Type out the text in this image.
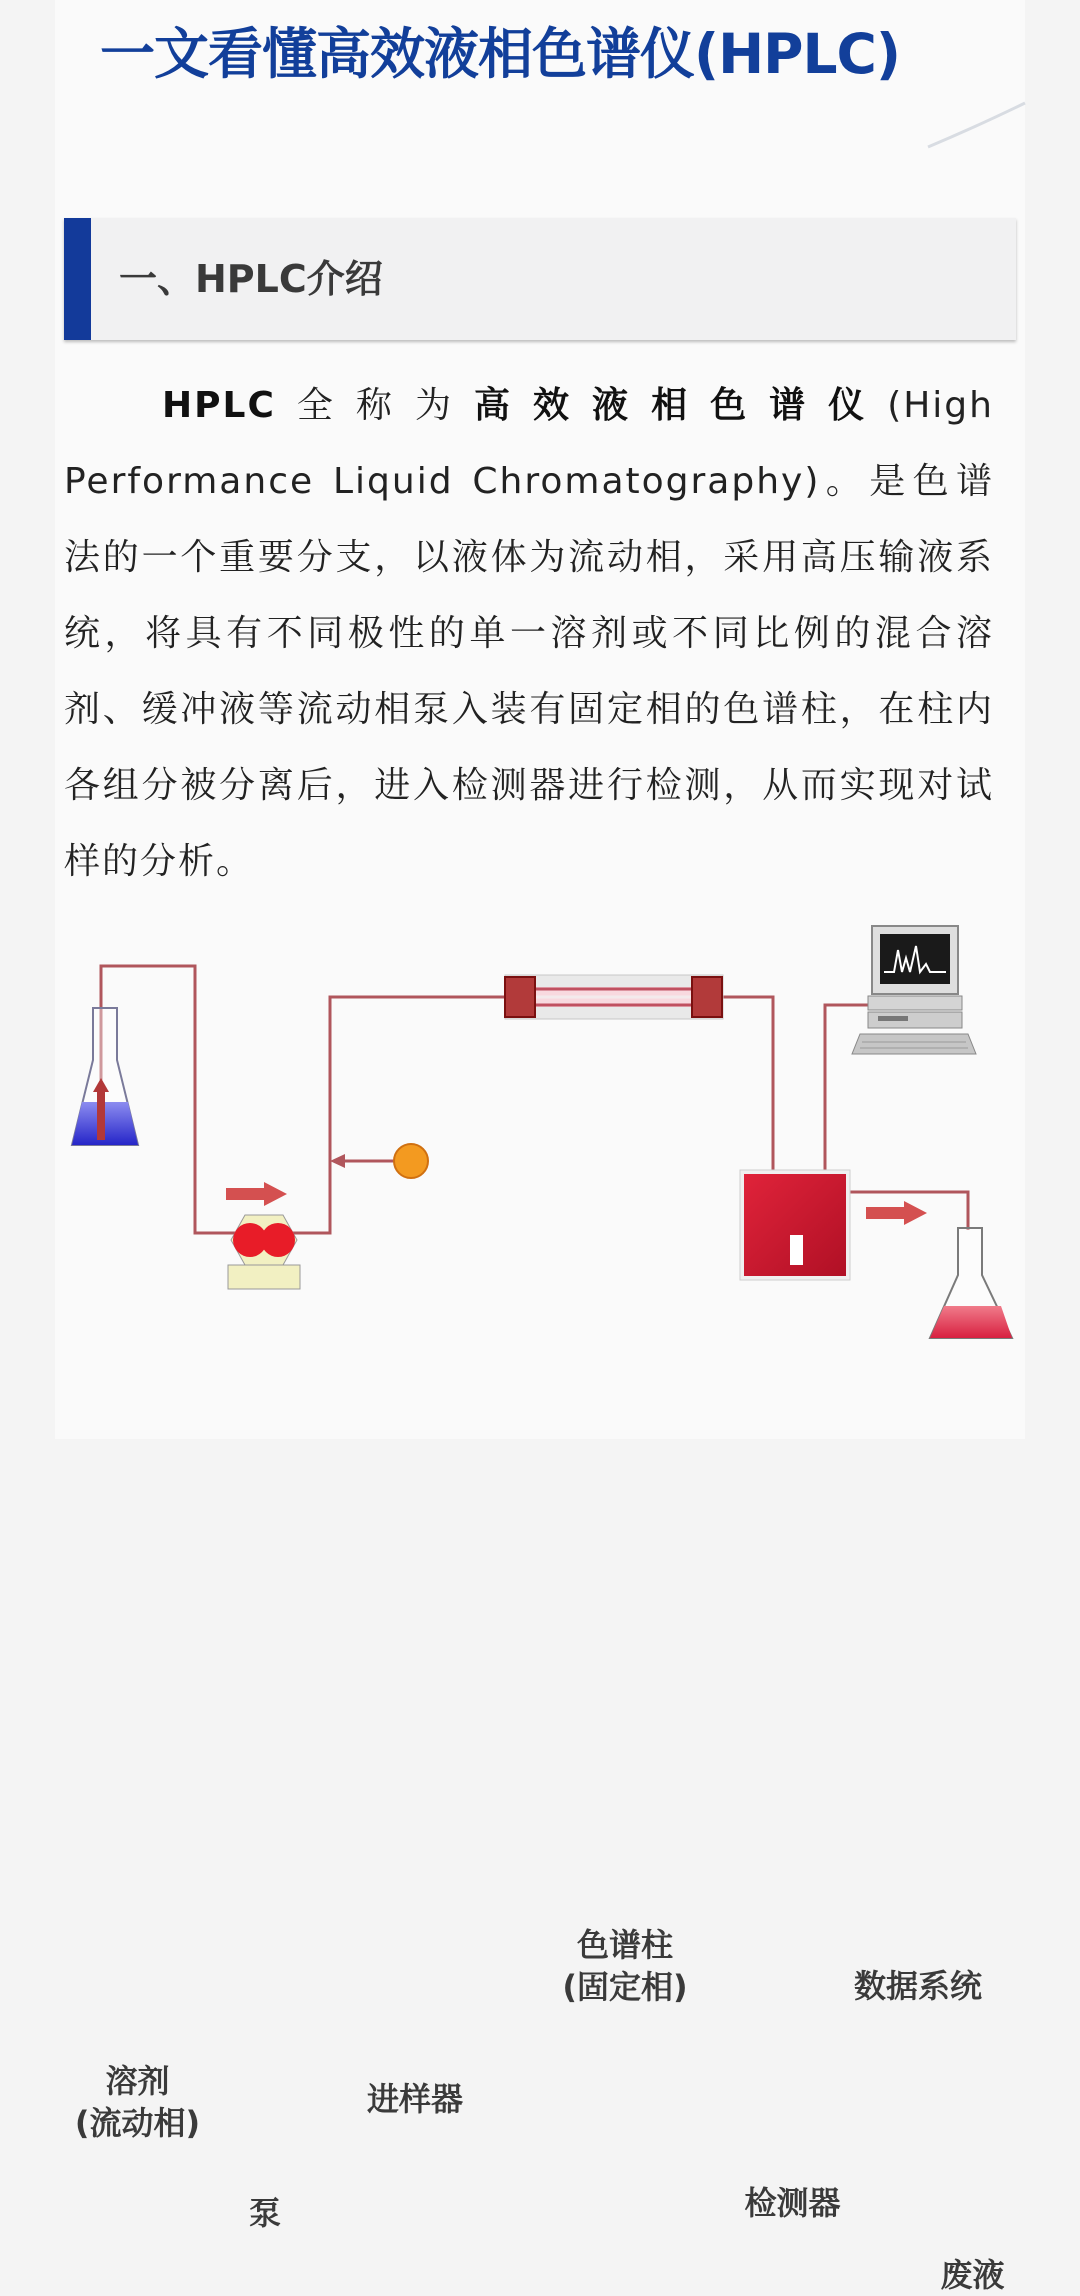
一文看懂高效液相色谱仪(HPLC)
一、HPLC介绍

HPLC全称为高效液相色谱仪(High Performance Liquid Chromatography)。是色谱法的一个重要分支，以液体为流动相，采用高压输液系统，将具有不同极性的单一溶剂或不同比例的混合溶剂、缓冲液等流动相泵入装有固定相的色谱柱，在柱内各组分被分离后，进入检测器进行检测，从而实现对试样的分析。

溶剂
(流动相)
泵
进样器
色谱柱
(固定相)
检测器
数据系统
废液
